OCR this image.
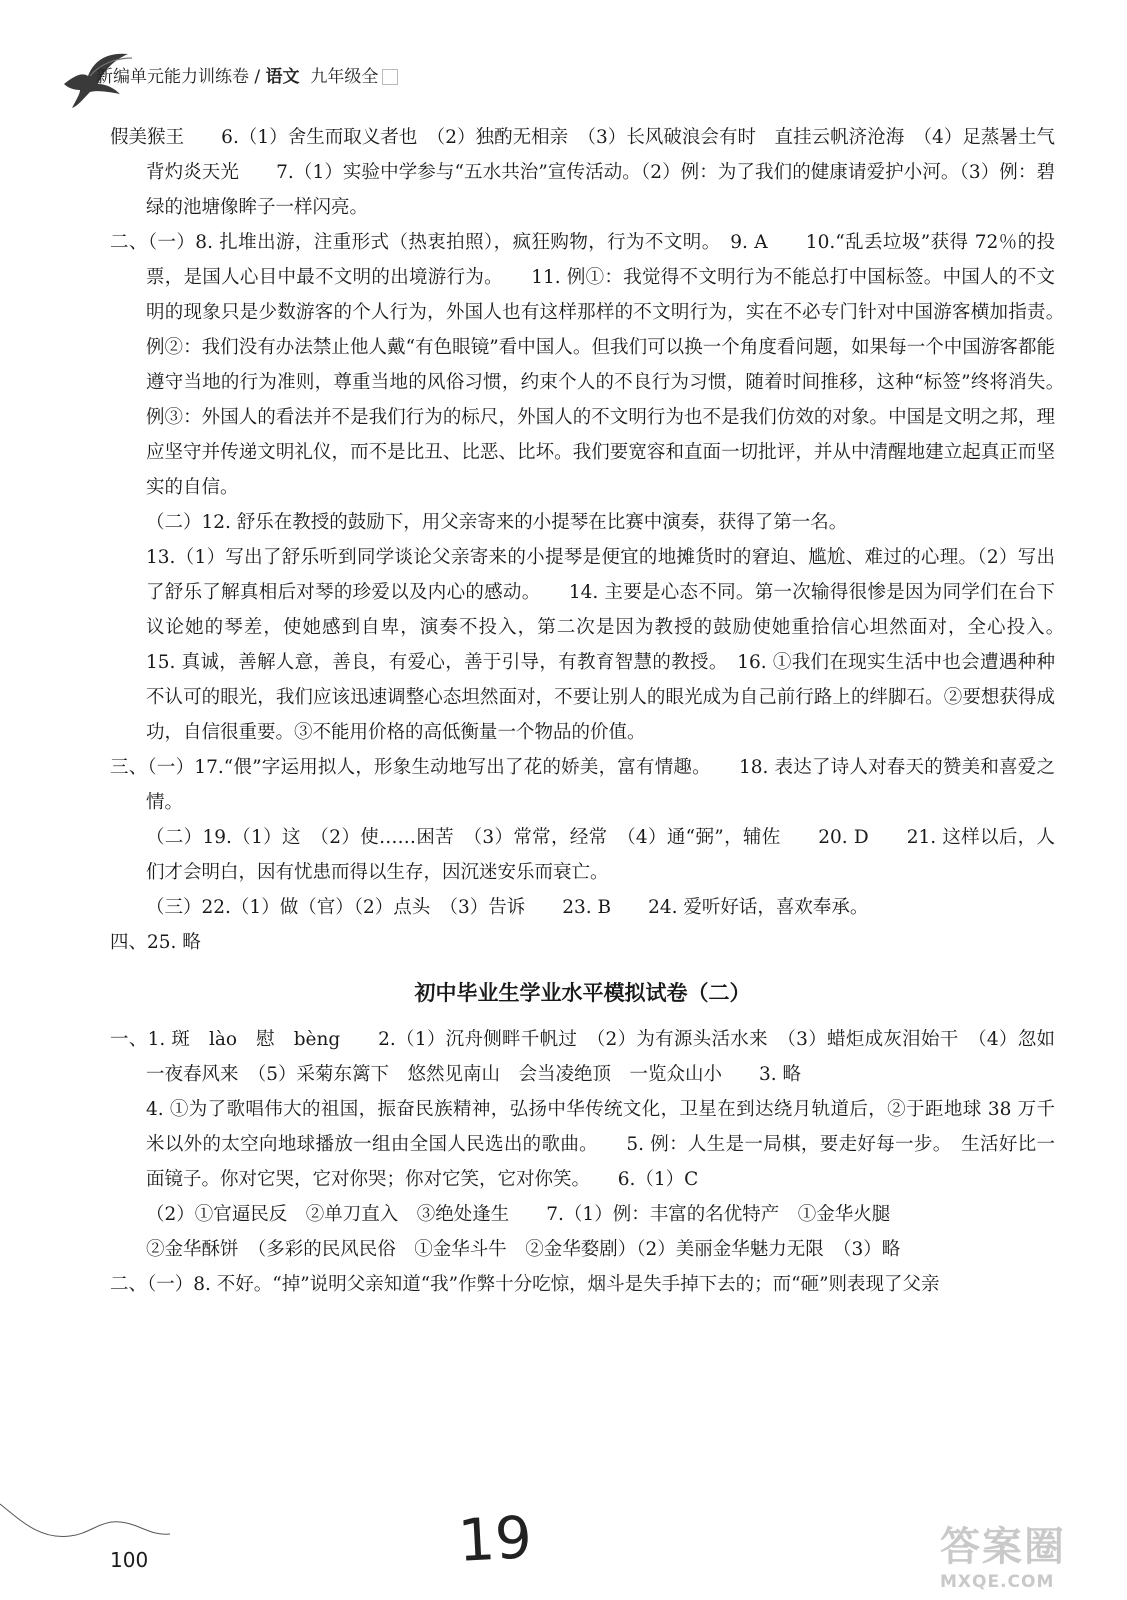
新编单元能力训练卷 / 语文 九年级全

假美猴王　　6.（1）舍生而取义者也　（2）独酌无相亲　（3）长风破浪会有时　直挂云帆济沧海　（4）足蒸暑土气　背灼炎天光　　7.（1）实验中学参与“五水共治”宣传活动。（2）例：为了我们的健康请爱护小河。（3）例：碧绿的池塘像眸子一样闪亮。

二、（一）8. 扎堆出游，注重形式（热衷拍照），疯狂购物，行为不文明。　9. A　　10.“乱丢垃圾”获得 72％的投票，是国人心目中最不文明的出境游行为。　　11. 例①：我觉得不文明行为不能总打中国标签。中国人的不文明的现象只是少数游客的个人行为，外国人也有这样那样的不文明行为，实在不必专门针对中国游客横加指责。　例②：我们没有办法禁止他人戴“有色眼镜”看中国人。但我们可以换一个角度看问题，如果每一个中国游客都能遵守当地的行为准则，尊重当地的风俗习惯，约束个人的不良行为习惯，随着时间推移，这种“标签”终将消失。　例③：外国人的看法并不是我们行为的标尺，外国人的不文明行为也不是我们仿效的对象。中国是文明之邦，理应坚守并传递文明礼仪，而不是比丑、比恶、比坏。我们要宽容和直面一切批评，并从中清醒地建立起真正而坚实的自信。

（二）12. 舒乐在教授的鼓励下，用父亲寄来的小提琴在比赛中演奏，获得了第一名。

13.（1）写出了舒乐听到同学谈论父亲寄来的小提琴是便宜的地摊货时的窘迫、尴尬、难过的心理。（2）写出了舒乐了解真相后对琴的珍爱以及内心的感动。　　14. 主要是心态不同。第一次输得很惨是因为同学们在台下议论她的琴差，使她感到自卑，演奏不投入，第二次是因为教授的鼓励使她重拾信心坦然面对，全心投入。　　15. 真诚，善解人意，善良，有爱心，善于引导，有教育智慧的教授。　16. ①我们在现实生活中也会遭遇种种不认可的眼光，我们应该迅速调整心态坦然面对，不要让别人的眼光成为自己前行路上的绊脚石。②要想获得成功，自信很重要。③不能用价格的高低衡量一个物品的价值。

三、（一）17.“偎”字运用拟人，形象生动地写出了花的娇美，富有情趣。　　18. 表达了诗人对春天的赞美和喜爱之情。

（二）19.（1）这　（2）使……困苦　（3）常常，经常　（4）通“弼”，辅佐　　20. D　　21. 这样以后，人们才会明白，因有忧患而得以生存，因沉迷安乐而衰亡。

（三）22.（1）做（官）（2）点头　（3）告诉　　23. B　　24. 爱听好话，喜欢奉承。

四、25. 略

初中毕业生学业水平模拟试卷（二）

一、1. 斑　lào　慰　bèng　　2.（1）沉舟侧畔千帆过　（2）为有源头活水来　（3）蜡炬成灰泪始干　（4）忽如一夜春风来　（5）采菊东篱下　悠然见南山　会当凌绝顶　一览众山小　　3. 略

4. ①为了歌唱伟大的祖国，振奋民族精神，弘扬中华传统文化，卫星在到达绕月轨道后，②于距地球 38 万千米以外的太空向地球播放一组由全国人民选出的歌曲。　　5. 例：人生是一局棋，要走好每一步。　生活好比一面镜子。你对它哭，它对你哭；你对它笑，它对你笑。　　6.（1）C

（2）①官逼民反　②单刀直入　③绝处逢生　　7.（1）例：丰富的名优特产　①金华火腿

②金华酥饼　（多彩的民风民俗　①金华斗牛　②金华婺剧）（2）美丽金华魅力无限　（3）略

二、（一）8. 不好。“掉”说明父亲知道“我”作弊十分吃惊，烟斗是失手掉下去的；而“砸”则表现了父亲

100	19	答案圈
MXQE.COM
